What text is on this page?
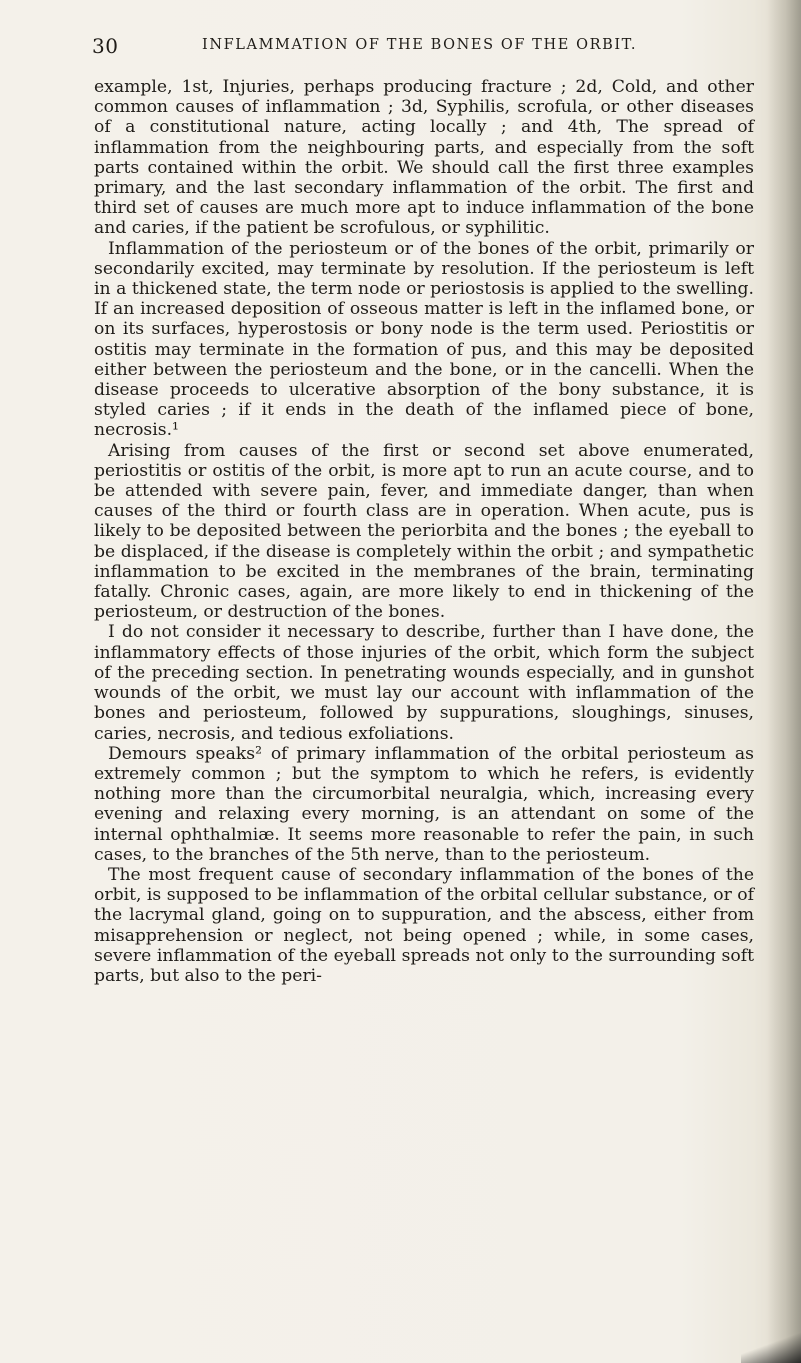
30	INFLAMMATION OF THE BONES OF THE ORBIT.

example, 1st, Injuries, perhaps producing fracture ; 2d, Cold, and other common causes of inflammation ; 3d, Syphilis, scrofula, or other diseases of a constitutional nature, acting locally ; and 4th, The spread of inflammation from the neighbouring parts, and especially from the soft parts contained within the orbit. We should call the first three examples primary, and the last secondary inflammation of the orbit. The first and third set of causes are much more apt to induce inflammation of the bone and caries, if the patient be scrofulous, or syphilitic.

Inflammation of the periosteum or of the bones of the orbit, primarily or secondarily excited, may terminate by resolution. If the periosteum is left in a thickened state, the term node or periostosis is applied to the swelling. If an increased deposition of osseous matter is left in the inflamed bone, or on its surfaces, hyperostosis or bony node is the term used. Periostitis or ostitis may terminate in the formation of pus, and this may be deposited either between the periosteum and the bone, or in the cancelli. When the disease proceeds to ulcerative absorption of the bony substance, it is styled caries ; if it ends in the death of the inflamed piece of bone, necrosis.¹

Arising from causes of the first or second set above enumerated, periostitis or ostitis of the orbit, is more apt to run an acute course, and to be attended with severe pain, fever, and immediate danger, than when causes of the third or fourth class are in operation. When acute, pus is likely to be deposited between the periorbita and the bones ; the eyeball to be displaced, if the disease is completely within the orbit ; and sympathetic inflammation to be excited in the membranes of the brain, terminating fatally. Chronic cases, again, are more likely to end in thickening of the periosteum, or destruction of the bones.

I do not consider it necessary to describe, further than I have done, the inflammatory effects of those injuries of the orbit, which form the subject of the preceding section. In penetrating wounds especially, and in gunshot wounds of the orbit, we must lay our account with inflammation of the bones and periosteum, followed by suppurations, sloughings, sinuses, caries, necrosis, and tedious exfoliations.

Demours speaks² of primary inflammation of the orbital periosteum as extremely common ; but the symptom to which he refers, is evidently nothing more than the circumorbital neuralgia, which, increasing every evening and relaxing every morning, is an attendant on some of the internal ophthalmiæ. It seems more reasonable to refer the pain, in such cases, to the branches of the 5th nerve, than to the periosteum.

The most frequent cause of secondary inflammation of the bones of the orbit, is supposed to be inflammation of the orbital cellular substance, or of the lacrymal gland, going on to suppuration, and the abscess, either from misapprehension or neglect, not being opened ; while, in some cases, severe inflammation of the eyeball spreads not only to the surrounding soft parts, but also to the peri-
